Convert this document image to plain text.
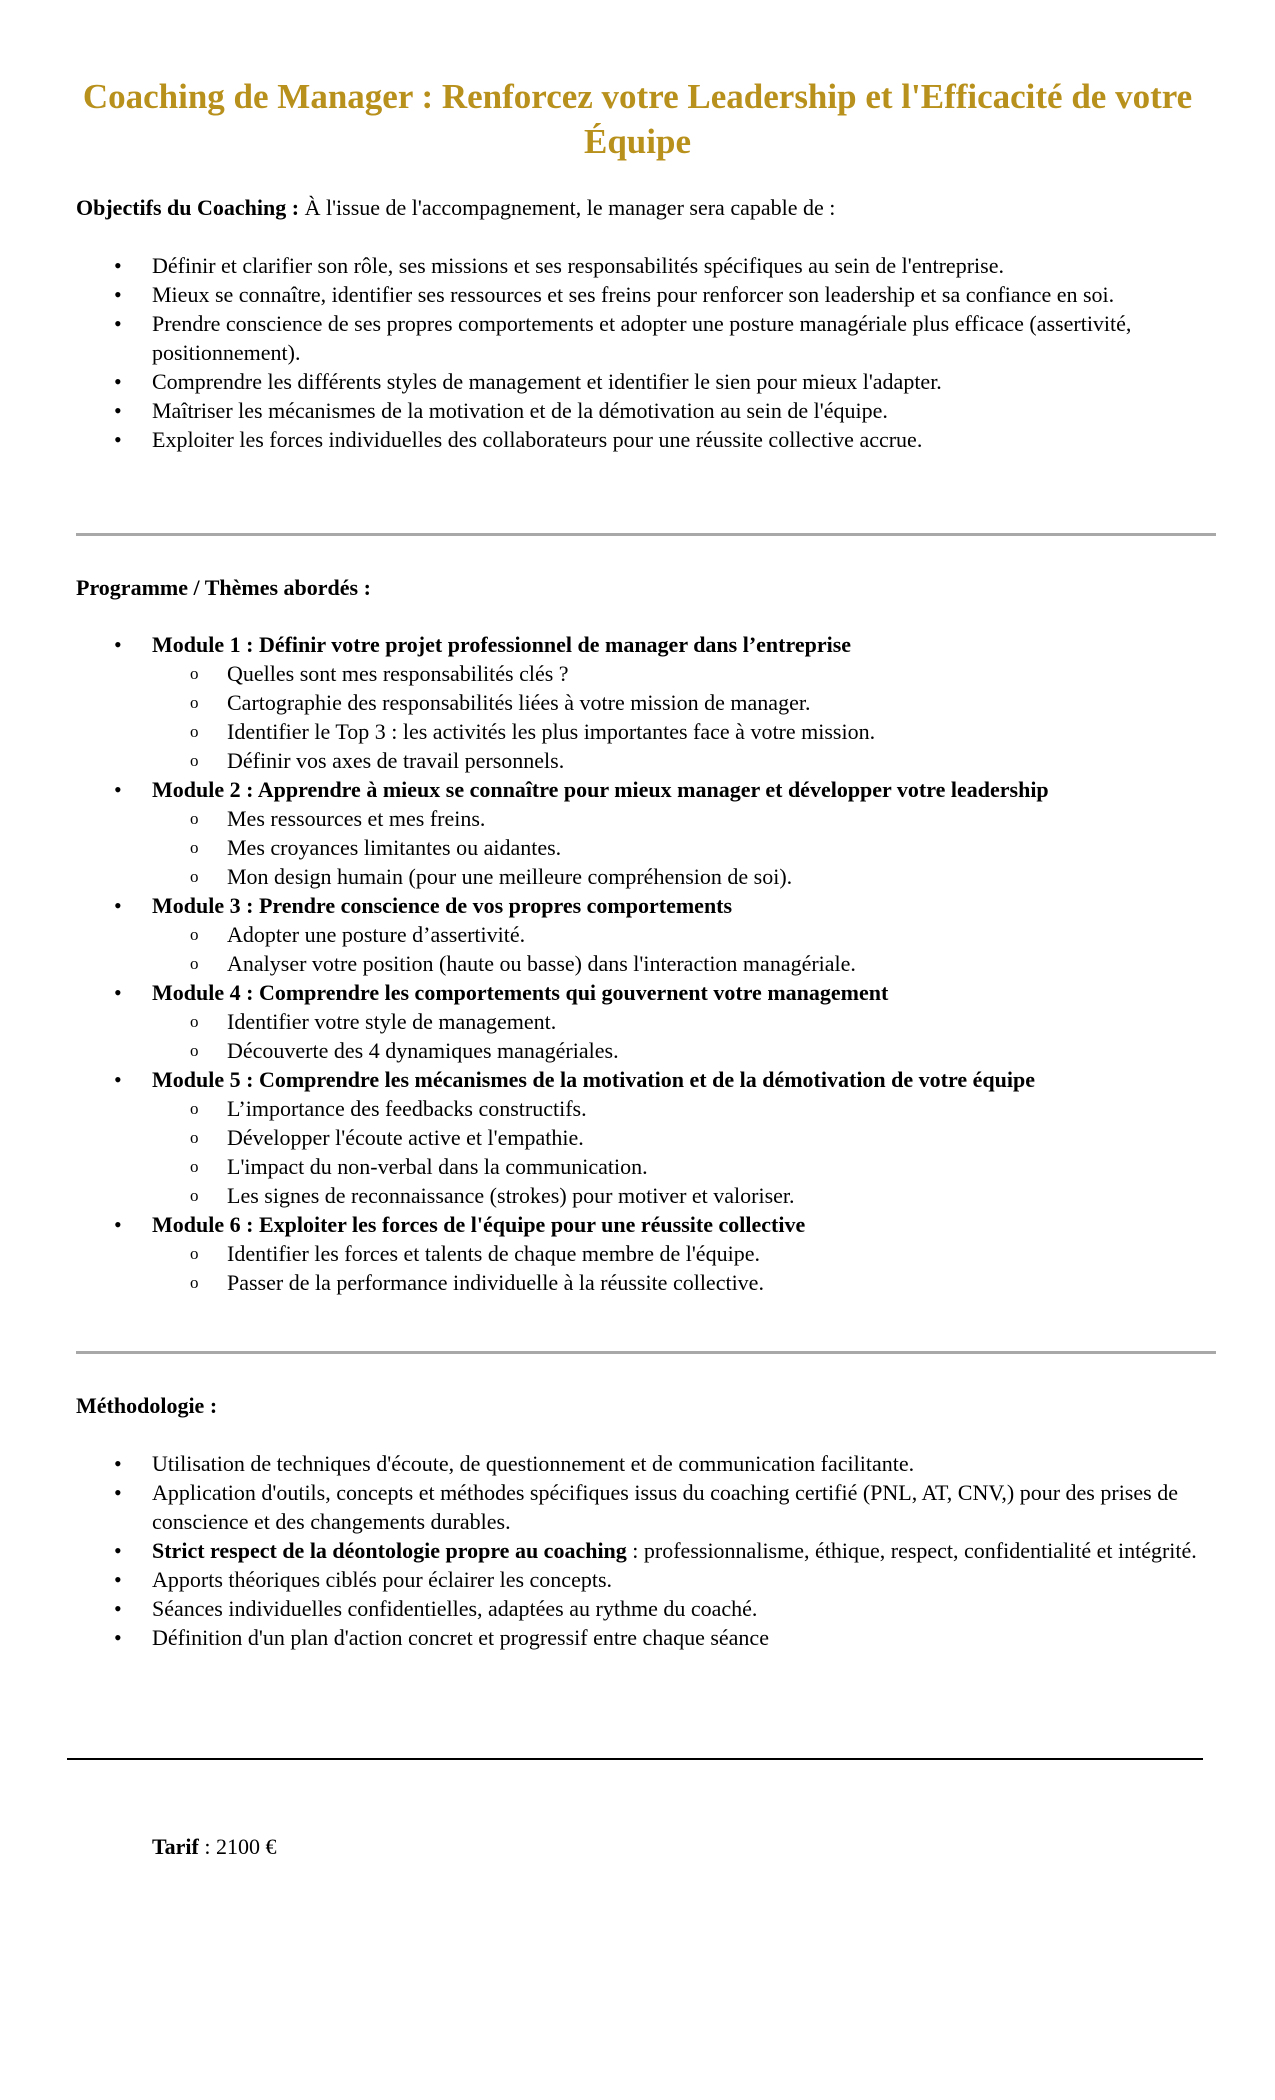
Coaching de Manager : Renforcez votre Leadership et l'Efficacité de votre Équipe

Objectifs du Coaching : À l'issue de l'accompagnement, le manager sera capable de :

• Définir et clarifier son rôle, ses missions et ses responsabilités spécifiques au sein de l'entreprise.
• Mieux se connaître, identifier ses ressources et ses freins pour renforcer son leadership et sa confiance en soi.
• Prendre conscience de ses propres comportements et adopter une posture managériale plus efficace (assertivité, positionnement).
• Comprendre les différents styles de management et identifier le sien pour mieux l'adapter.
• Maîtriser les mécanismes de la motivation et de la démotivation au sein de l'équipe.
• Exploiter les forces individuelles des collaborateurs pour une réussite collective accrue.

Programme / Thèmes abordés :

• Module 1 : Définir votre projet professionnel de manager dans l’entreprise
o Quelles sont mes responsabilités clés ?
o Cartographie des responsabilités liées à votre mission de manager.
o Identifier le Top 3 : les activités les plus importantes face à votre mission.
o Définir vos axes de travail personnels.
• Module 2 : Apprendre à mieux se connaître pour mieux manager et développer votre leadership
o Mes ressources et mes freins.
o Mes croyances limitantes ou aidantes.
o Mon design humain (pour une meilleure compréhension de soi).
• Module 3 : Prendre conscience de vos propres comportements
o Adopter une posture d’assertivité.
o Analyser votre position (haute ou basse) dans l'interaction managériale.
• Module 4 : Comprendre les comportements qui gouvernent votre management
o Identifier votre style de management.
o Découverte des 4 dynamiques managériales.
• Module 5 : Comprendre les mécanismes de la motivation et de la démotivation de votre équipe
o L’importance des feedbacks constructifs.
o Développer l'écoute active et l'empathie.
o L'impact du non-verbal dans la communication.
o Les signes de reconnaissance (strokes) pour motiver et valoriser.
• Module 6 : Exploiter les forces de l'équipe pour une réussite collective
o Identifier les forces et talents de chaque membre de l'équipe.
o Passer de la performance individuelle à la réussite collective.

Méthodologie :

• Utilisation de techniques d'écoute, de questionnement et de communication facilitante.
• Application d'outils, concepts et méthodes spécifiques issus du coaching certifié (PNL, AT, CNV,) pour des prises de conscience et des changements durables.
• Strict respect de la déontologie propre au coaching : professionnalisme, éthique, respect, confidentialité et intégrité.
• Apports théoriques ciblés pour éclairer les concepts.
• Séances individuelles confidentielles, adaptées au rythme du coaché.
• Définition d'un plan d'action concret et progressif entre chaque séance

Tarif : 2100 €
